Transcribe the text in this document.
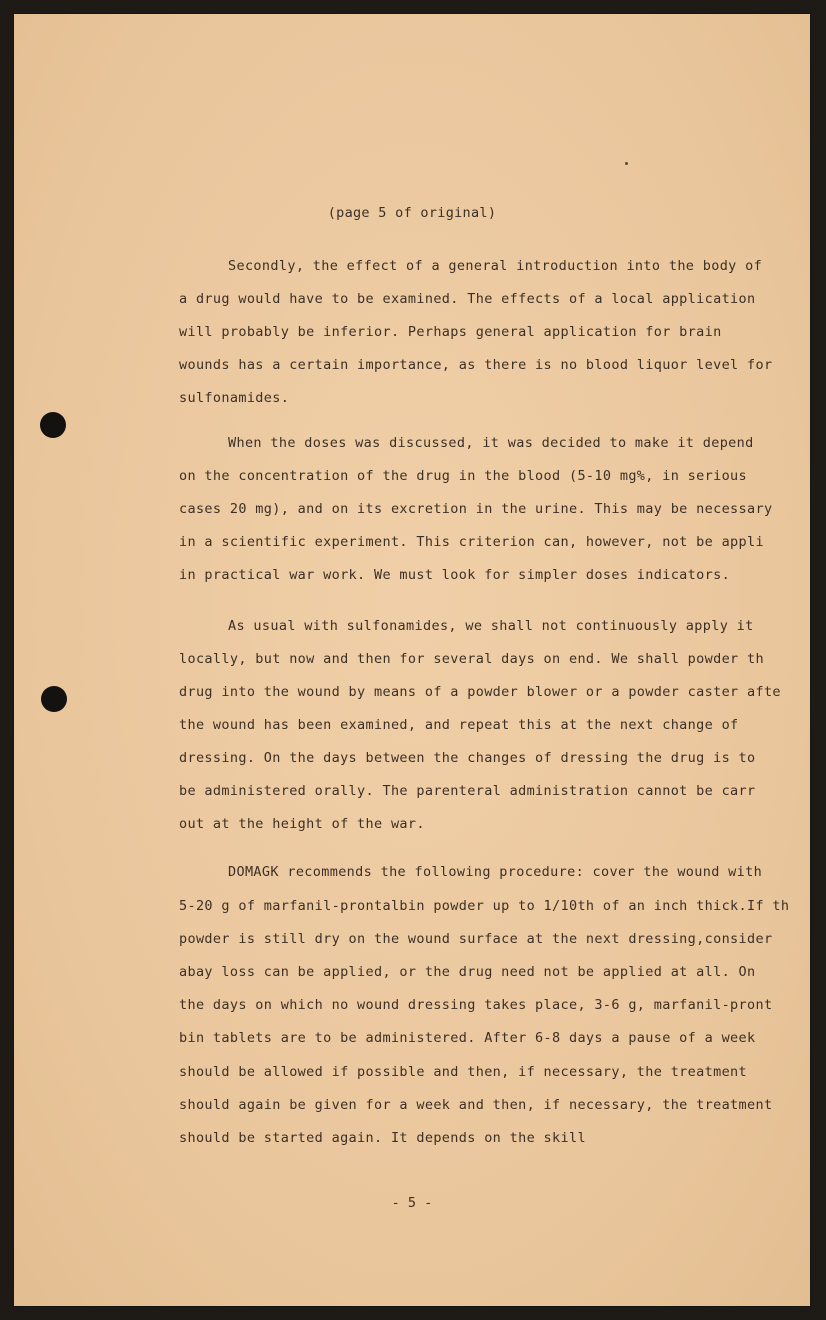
(page 5 of original)
Secondly, the effect of a general introduction into the body of
a drug would have to be examined. The effects of a local application
will probably be inferior. Perhaps general application for brain
wounds has a certain importance, as there is no blood liquor level for
sulfonamides.
When the doses was discussed, it was decided to make it depend
on the concentration of the drug in the blood (5-10 mg%, in serious
cases 20 mg), and on its excretion in the urine. This may be necessary
in a scientific experiment. This criterion can, however, not be appli
in practical war work. We must look for simpler doses indicators.
As usual with sulfonamides, we shall not continuously apply it
locally, but now and then for several days on end. We shall powder th
drug into the wound by means of a powder blower or a powder caster afte
the wound has been examined, and repeat this at the next change of
dressing. On the days between the changes of dressing the drug is to
be administered orally. The parenteral administration cannot be carr
out at the height of the war.
DOMAGK recommends the following procedure: cover the wound with
5-20 g of marfanil-prontalbin powder up to 1/10th of an inch thick.If th
powder is still dry on the wound surface at the next dressing,consider
abay loss can be applied, or the drug need not be applied at all. On
the days on which no wound dressing takes place, 3-6 g, marfanil-pront
bin tablets are to be administered. After 6-8 days a pause of a week
should be allowed if possible and then, if necessary, the treatment
should again be given for a week and then, if necessary, the treatment
should be started again. It depends on the skill
- 5 -
